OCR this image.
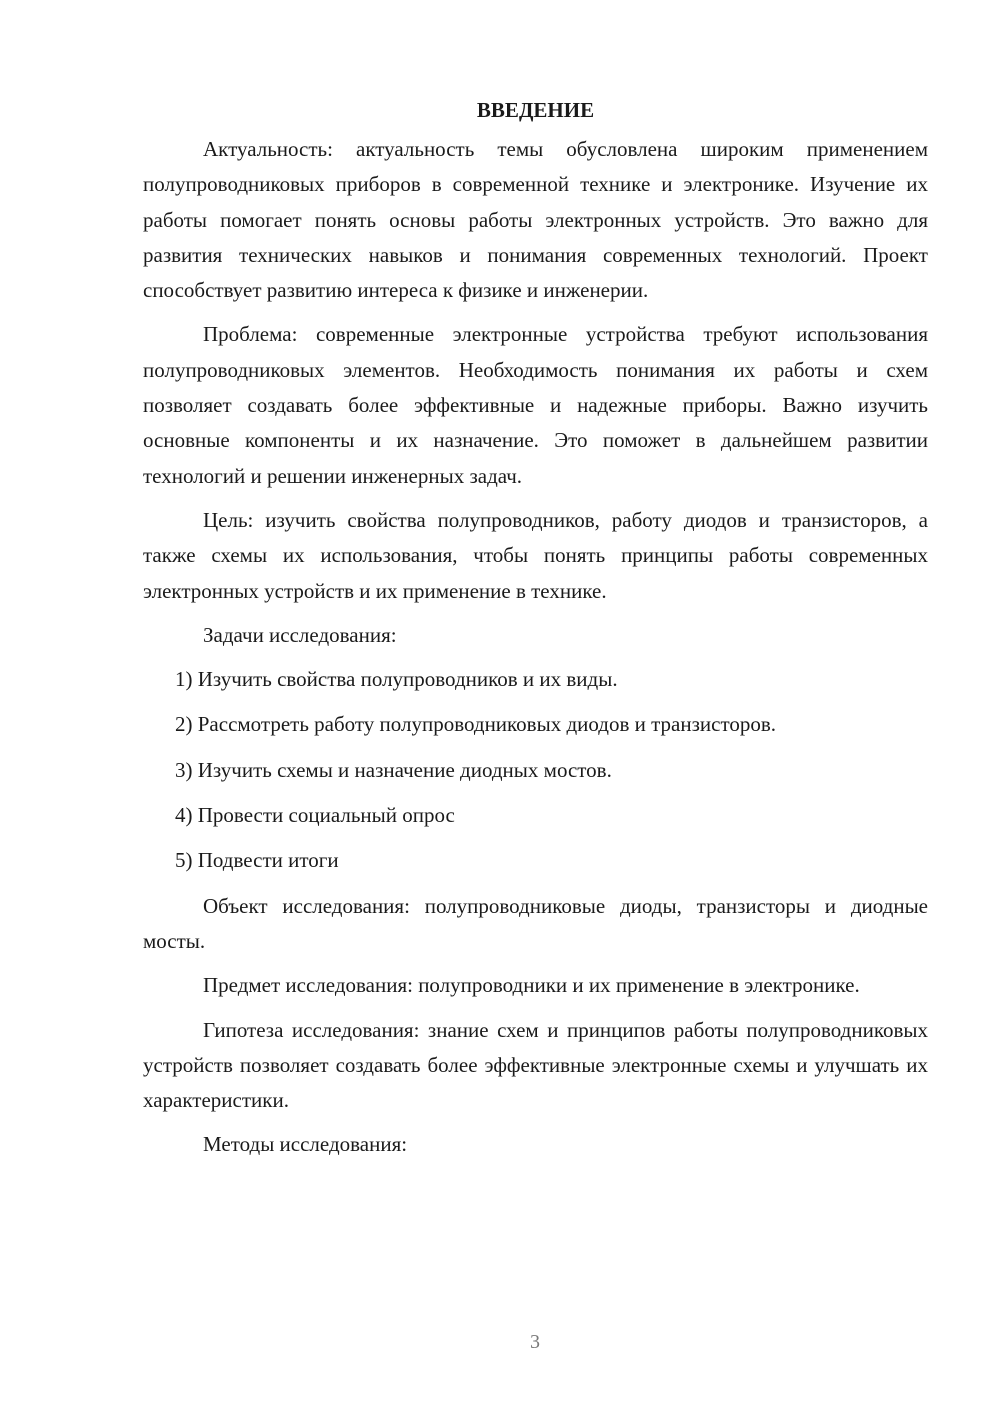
ВВЕДЕНИЕ

Актуальность: актуальность темы обусловлена широким применением полупроводниковых приборов в современной технике и электронике. Изучение их работы помогает понять основы работы электронных устройств. Это важно для развития технических навыков и понимания современных технологий. Проект способствует развитию интереса к физике и инженерии.

Проблема: современные электронные устройства требуют использования полупроводниковых элементов. Необходимость понимания их работы и схем позволяет создавать более эффективные и надежные приборы. Важно изучить основные компоненты и их назначение. Это поможет в дальнейшем развитии технологий и решении инженерных задач.

Цель: изучить свойства полупроводников, работу диодов и транзисторов, а также схемы их использования, чтобы понять принципы работы современных электронных устройств и их применение в технике.

Задачи исследования:

1) Изучить свойства полупроводников и их виды.
2) Рассмотреть работу полупроводниковых диодов и транзисторов.
3) Изучить схемы и назначение диодных мостов.
4) Провести социальный опрос
5) Подвести итоги

Объект исследования: полупроводниковые диоды, транзисторы и диодные мосты.

Предмет исследования: полупроводники и их применение в электронике.

Гипотеза исследования: знание схем и принципов работы полупроводниковых устройств позволяет создавать более эффективные электронные схемы и улучшать их характеристики.

Методы исследования:

3
